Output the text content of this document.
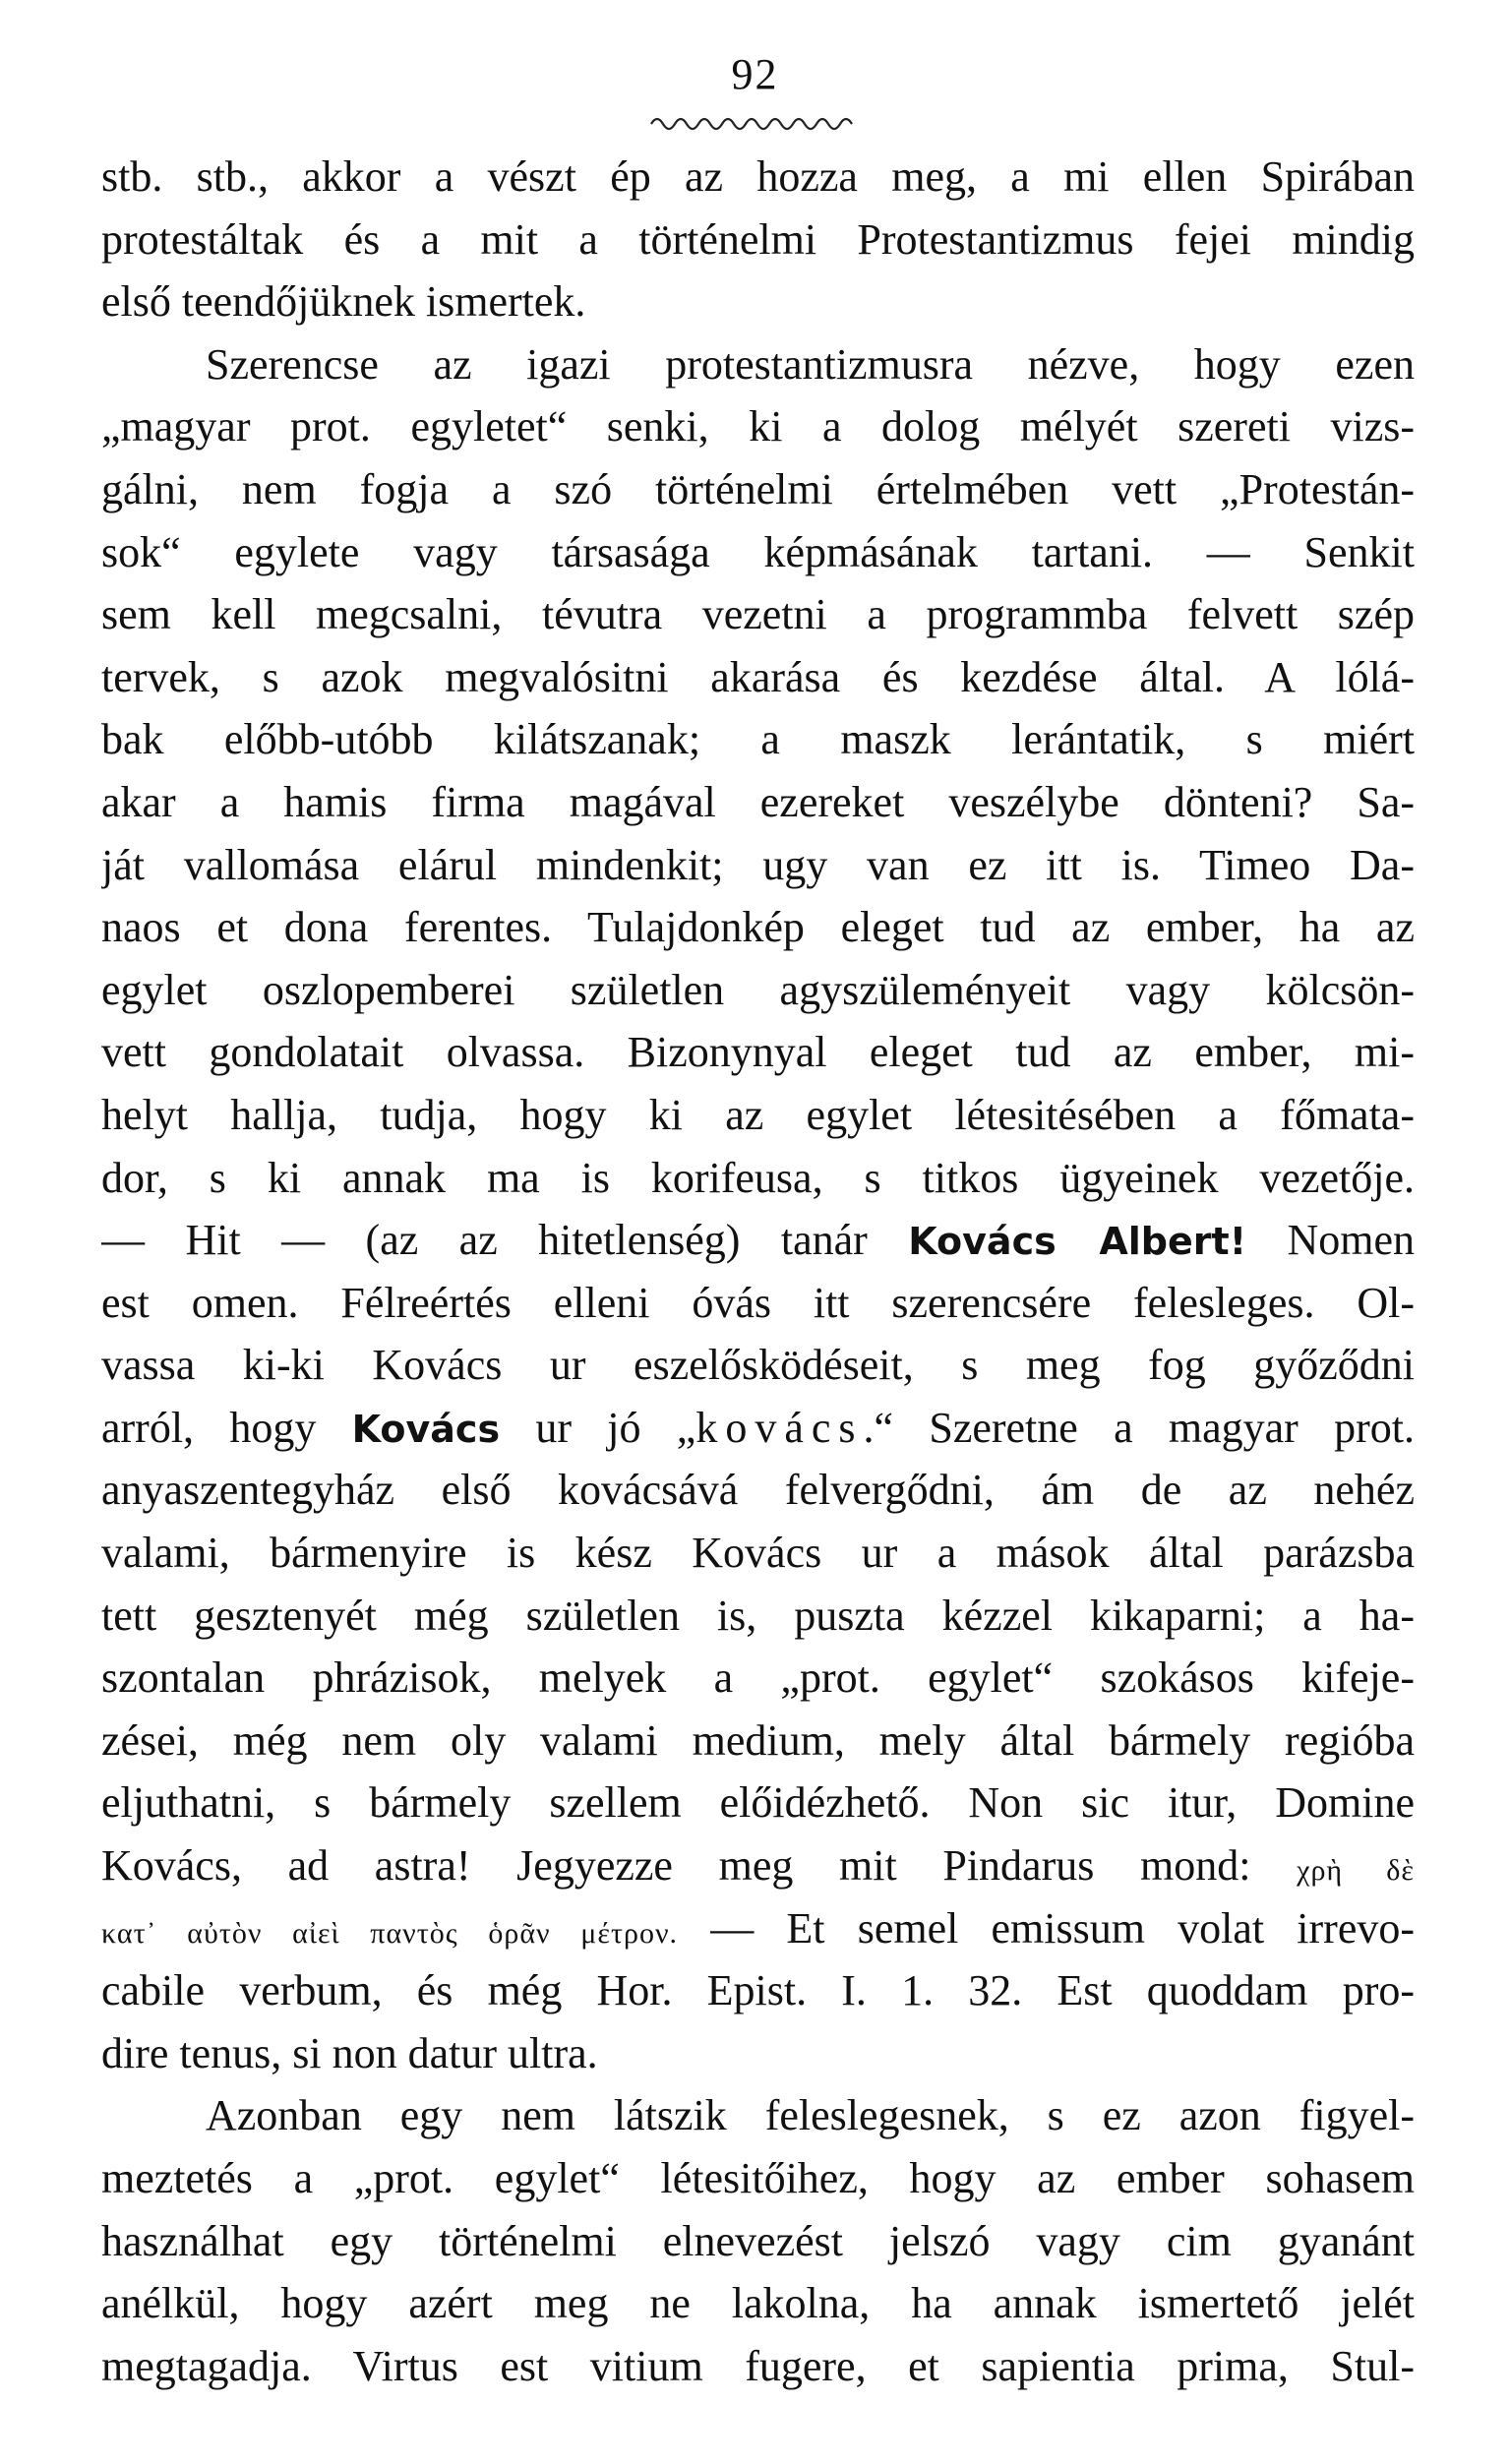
92
stb. stb., akkor a vészt ép az hozza meg, a mi ellen Spirában
protestáltak és a mit a történelmi Protestantizmus fejei mindig
első teendőjüknek ismertek.
Szerencse az igazi protestantizmusra nézve, hogy ezen
„magyar prot. egyletet“ senki, ki a dolog mélyét szereti vizs-
gálni, nem fogja a szó történelmi értelmében vett „Protestán-
sok“ egylete vagy társasága képmásának tartani. — Senkit
sem kell megcsalni, tévutra vezetni a programmba felvett szép
tervek, s azok megvalósitni akarása és kezdése által. A lólá-
bak előbb-utóbb kilátszanak; a maszk lerántatik, s miért
akar a hamis firma magával ezereket veszélybe dönteni? Sa-
ját vallomása elárul mindenkit; ugy van ez itt is. Timeo Da-
naos et dona ferentes. Tulajdonkép eleget tud az ember, ha az
egylet oszlopemberei születlen agyszüleményeit vagy kölcsön-
vett gondolatait olvassa. Bizonynyal eleget tud az ember, mi-
helyt hallja, tudja, hogy ki az egylet létesitésében a főmata-
dor, s ki annak ma is korifeusa, s titkos ügyeinek vezetője.
— Hit — (az az hitetlenség) tanár Kovács Albert! Nomen
est omen. Félreértés elleni óvás itt szerencsére felesleges. Ol-
vassa ki-ki Kovács ur eszelősködéseit, s meg fog győződni
arról, hogy Kovács ur jó „kovács.“ Szeretne a magyar prot.
anyaszentegyház első kovácsává felvergődni, ám de az nehéz
valami, bármenyire is kész Kovács ur a mások által parázsba
tett gesztenyét még születlen is, puszta kézzel kikaparni; a ha-
szontalan phrázisok, melyek a „prot. egylet“ szokásos kifeje-
zései, még nem oly valami medium, mely által bármely regióba
eljuthatni, s bármely szellem előidézhető. Non sic itur, Domine
Kovács, ad astra! Jegyezze meg mit Pindarus mond: χρὴ δὲ
κατ᾽ αὐτὸν αἰεὶ παντὸς ὁρᾶν μέτρον. — Et semel emissum volat irrevo-
cabile verbum, és még Hor. Epist. I. 1. 32. Est quoddam pro-
dire tenus, si non datur ultra.
Azonban egy nem látszik feleslegesnek, s ez azon figyel-
meztetés a „prot. egylet“ létesitőihez, hogy az ember sohasem
használhat egy történelmi elnevezést jelszó vagy cim gyanánt
anélkül, hogy azért meg ne lakolna, ha annak ismertető jelét
megtagadja. Virtus est vitium fugere, et sapientia prima, Stul-
